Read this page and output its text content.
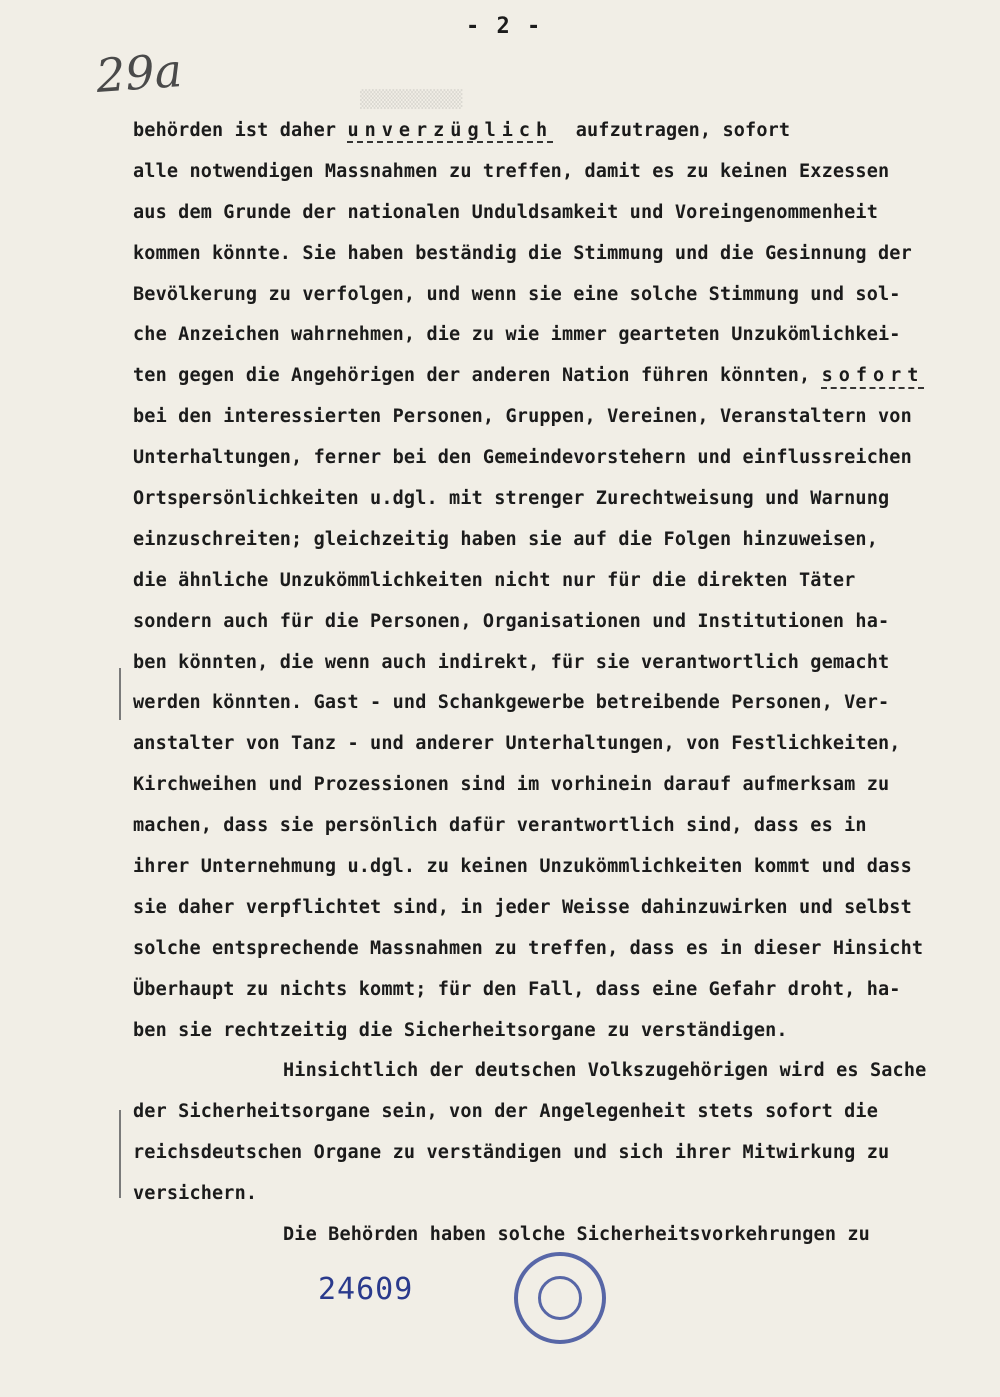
▒▒▒▒▒▒▒▒▒▒
- 2 -
29a
behörden ist daher unverzüglich  aufzutragen, sofort
alle notwendigen Massnahmen zu treffen, damit es zu keinen Exzessen
aus dem Grunde der nationalen Unduldsamkeit und Voreingenommenheit
kommen könnte. Sie haben beständig die Stimmung und die Gesinnung der
Bevölkerung zu verfolgen, und wenn sie eine solche Stimmung und sol-
che Anzeichen wahrnehmen, die zu wie immer gearteten Unzukömlichkei-
ten gegen die Angehörigen der anderen Nation führen könnten, sofort
bei den interessierten Personen, Gruppen, Vereinen, Veranstaltern von
Unterhaltungen, ferner bei den Gemeindevorstehern und einflussreichen
Ortspersönlichkeiten u.dgl. mit strenger Zurechtweisung und Warnung
einzuschreiten; gleichzeitig haben sie auf die Folgen hinzuweisen,
die ähnliche Unzukömmlichkeiten nicht nur für die direkten Täter
sondern auch für die Personen, Organisationen und Institutionen ha-
ben könnten, die wenn auch indirekt, für sie verantwortlich gemacht
werden könnten. Gast - und Schankgewerbe betreibende Personen, Ver-
anstalter von Tanz - und anderer Unterhaltungen, von Festlichkeiten,
Kirchweihen und Prozessionen sind im vorhinein darauf aufmerksam zu
machen, dass sie persönlich dafür verantwortlich sind, dass es in
ihrer Unternehmung u.dgl. zu keinen Unzukömmlichkeiten kommt und dass
sie daher verpflichtet sind, in jeder Weisse dahinzuwirken und selbst
solche entsprechende Massnahmen zu treffen, dass es in dieser Hinsicht
Überhaupt zu nichts kommt; für den Fall, dass eine Gefahr droht, ha-
ben sie rechtzeitig die Sicherheitsorgane zu verständigen.
Hinsichtlich der deutschen Volkszugehörigen wird es Sache
der Sicherheitsorgane sein, von der Angelegenheit stets sofort die
reichsdeutschen Organe zu verständigen und sich ihrer Mitwirkung zu
versichern.
Die Behörden haben solche Sicherheitsvorkehrungen zu
24609
